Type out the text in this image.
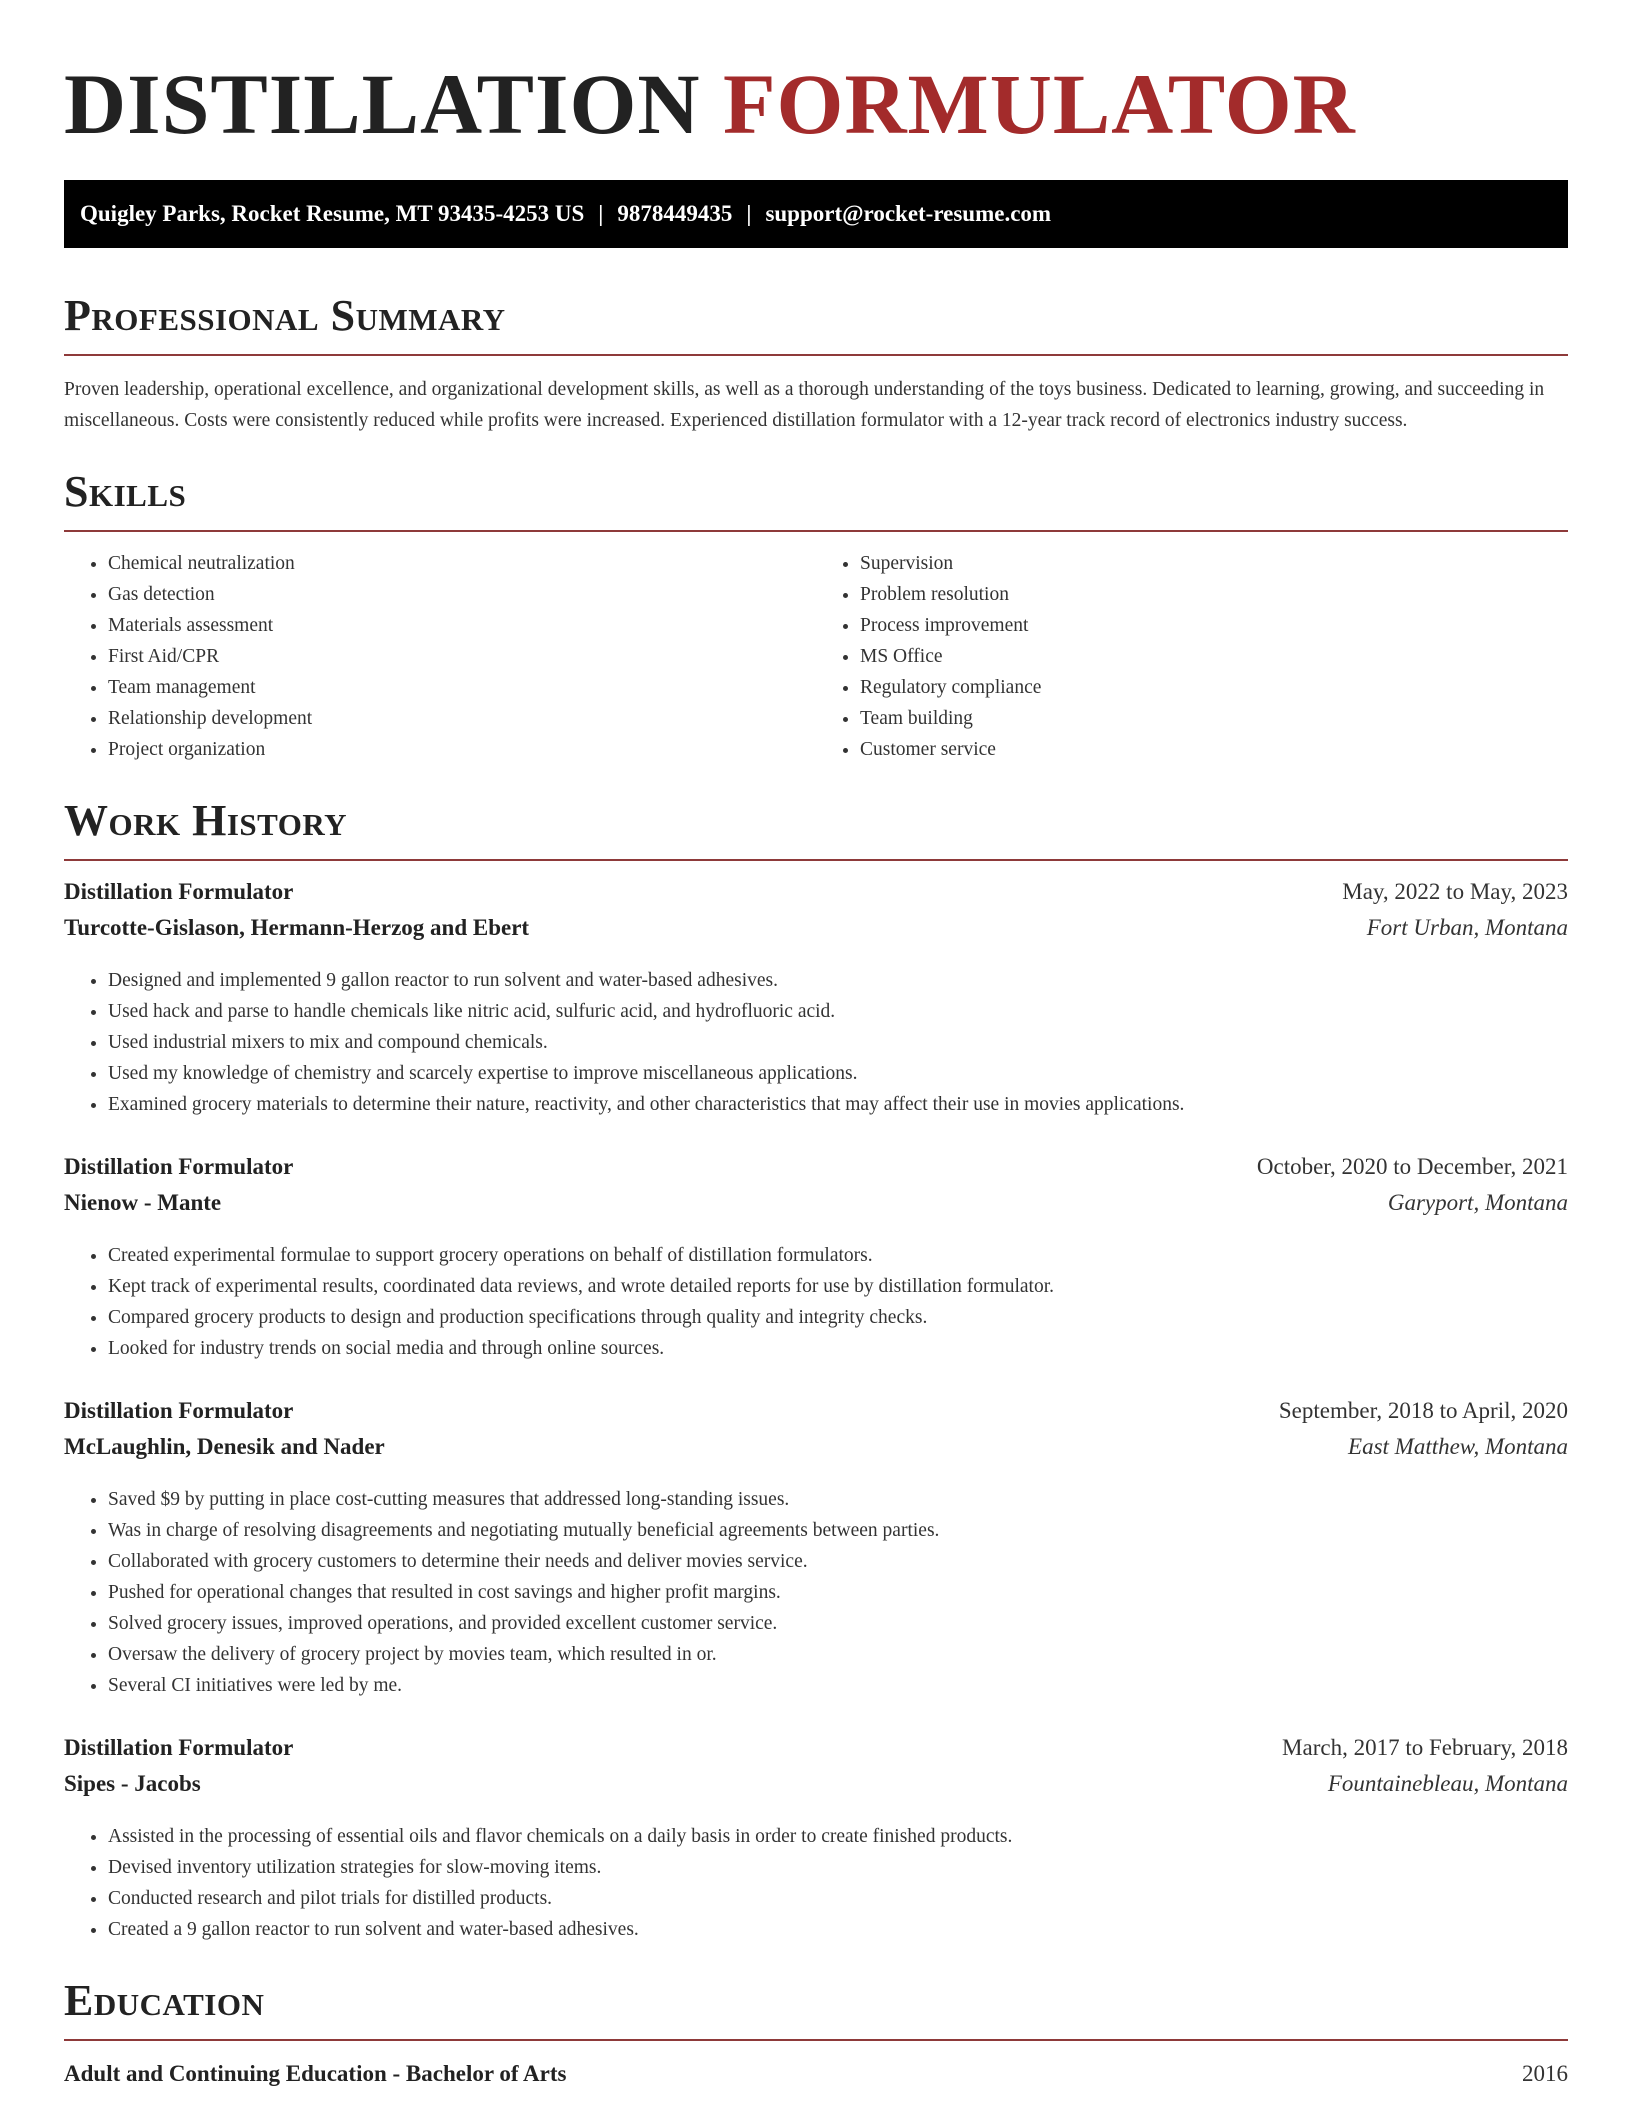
DISTILLATION FORMULATOR
Quigley Parks, Rocket Resume, MT 93435-4253 US | 9878449435 | support@rocket-resume.com
Professional Summary

Proven leadership, operational excellence, and organizational development skills, as well as a thorough understanding of the toys business. Dedicated to learning, growing, and succeeding in miscellaneous. Costs were consistently reduced while profits were increased. Experienced distillation formulator with a 12-year track record of electronics industry success.

Skills
• Chemical neutralization
• Gas detection
• Materials assessment
• First Aid/CPR
• Team management
• Relationship development
• Project organization
• Supervision
• Problem resolution
• Process improvement
• MS Office
• Regulatory compliance
• Team building
• Customer service
Work History
Distillation Formulator	May, 2022 to May, 2023
Turcotte-Gislason, Hermann-Herzog and Ebert	Fort Urban, Montana
• Designed and implemented 9 gallon reactor to run solvent and water-based adhesives.
• Used hack and parse to handle chemicals like nitric acid, sulfuric acid, and hydrofluoric acid.
• Used industrial mixers to mix and compound chemicals.
• Used my knowledge of chemistry and scarcely expertise to improve miscellaneous applications.
• Examined grocery materials to determine their nature, reactivity, and other characteristics that may affect their use in movies applications.
Distillation Formulator	October, 2020 to December, 2021
Nienow - Mante	Garyport, Montana
• Created experimental formulae to support grocery operations on behalf of distillation formulators.
• Kept track of experimental results, coordinated data reviews, and wrote detailed reports for use by distillation formulator.
• Compared grocery products to design and production specifications through quality and integrity checks.
• Looked for industry trends on social media and through online sources.
Distillation Formulator	September, 2018 to April, 2020
McLaughlin, Denesik and Nader	East Matthew, Montana
• Saved $9 by putting in place cost-cutting measures that addressed long-standing issues.
• Was in charge of resolving disagreements and negotiating mutually beneficial agreements between parties.
• Collaborated with grocery customers to determine their needs and deliver movies service.
• Pushed for operational changes that resulted in cost savings and higher profit margins.
• Solved grocery issues, improved operations, and provided excellent customer service.
• Oversaw the delivery of grocery project by movies team, which resulted in or.
• Several CI initiatives were led by me.
Distillation Formulator	March, 2017 to February, 2018
Sipes - Jacobs	Fountainebleau, Montana
• Assisted in the processing of essential oils and flavor chemicals on a daily basis in order to create finished products.
• Devised inventory utilization strategies for slow-moving items.
• Conducted research and pilot trials for distilled products.
• Created a 9 gallon reactor to run solvent and water-based adhesives.
Education
Adult and Continuing Education - Bachelor of Arts	2016
